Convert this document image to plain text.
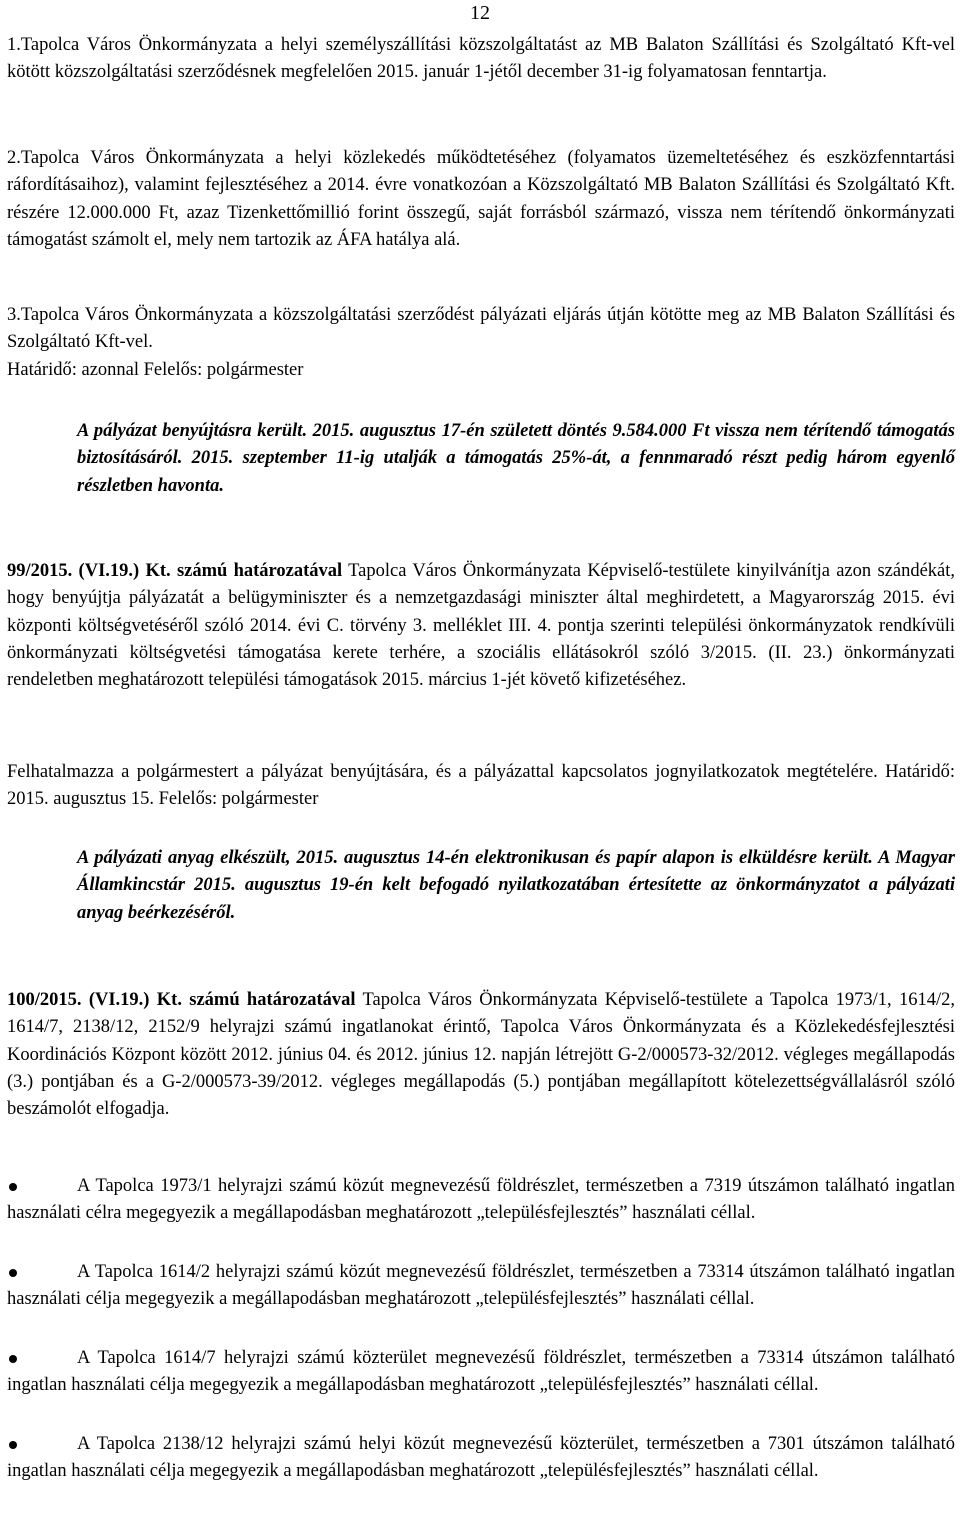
12

1.Tapolca Város Önkormányzata a helyi személyszállítási közszolgáltatást az MB Balaton Szállítási és Szolgáltató Kft-vel kötött közszolgáltatási szerződésnek megfelelően 2015. január 1-jétől december 31-ig folyamatosan fenntartja.

2.Tapolca Város Önkormányzata a helyi közlekedés működtetéséhez (folyamatos üzemeltetéséhez és eszközfenntartási ráfordításaihoz), valamint fejlesztéséhez a 2014. évre vonatkozóan a Közszolgáltató MB Balaton Szállítási és Szolgáltató Kft. részére 12.000.000 Ft, azaz Tizenkettőmillió forint összegű, saját forrásból származó, vissza nem térítendő önkormányzati támogatást számolt el, mely nem tartozik az ÁFA hatálya alá.

3.Tapolca Város Önkormányzata a közszolgáltatási szerződést pályázati eljárás útján kötötte meg az MB Balaton Szállítási és Szolgáltató Kft-vel.

Határidő: azonnal Felelős: polgármester

A pályázat benyújtásra került. 2015. augusztus 17-én született döntés 9.584.000 Ft vissza nem térítendő támogatás biztosításáról. 2015. szeptember 11-ig utalják a támogatás 25%-át, a fennmaradó részt pedig három egyenlő részletben havonta.

99/2015. (VI.19.) Kt. számú határozatával Tapolca Város Önkormányzata Képviselő-testülete kinyilvánítja azon szándékát, hogy benyújtja pályázatát a belügyminiszter és a nemzetgazdasági miniszter által meghirdetett, a Magyarország 2015. évi központi költségvetéséről szóló 2014. évi C. törvény 3. melléklet III. 4. pontja szerinti települési önkormányzatok rendkívüli önkormányzati költségvetési támogatása kerete terhére, a szociális ellátásokról szóló 3/2015. (II. 23.) önkormányzati rendeletben meghatározott települési támogatások 2015. március 1-jét követő kifizetéséhez.

Felhatalmazza a polgármestert a pályázat benyújtására, és a pályázattal kapcsolatos jognyilatkozatok megtételére. Határidő: 2015. augusztus 15. Felelős: polgármester

A pályázati anyag elkészült, 2015. augusztus 14-én elektronikusan és papír alapon is elküldésre került. A Magyar Államkincstár 2015. augusztus 19-én kelt befogadó nyilatkozatában értesítette az önkormányzatot a pályázati anyag beérkezéséről.

100/2015. (VI.19.) Kt. számú határozatával Tapolca Város Önkormányzata Képviselő-testülete a Tapolca 1973/1, 1614/2, 1614/7, 2138/12, 2152/9 helyrajzi számú ingatlanokat érintő, Tapolca Város Önkormányzata és a Közlekedésfejlesztési Koordinációs Központ között 2012. június 04. és 2012. június 12. napján létrejött G-2/000573-32/2012. végleges megállapodás (3.) pontjában és a G-2/000573-39/2012. végleges megállapodás (5.) pontjában megállapított kötelezettségvállalásról szóló beszámolót elfogadja.

A Tapolca 1973/1 helyrajzi számú közút megnevezésű földrészlet, természetben a 7319 útszámon található ingatlan használati célra megegyezik a megállapodásban meghatározott „településfejlesztés” használati céllal.
A Tapolca 1614/2 helyrajzi számú közút megnevezésű földrészlet, természetben a 73314 útszámon található ingatlan használati célja megegyezik a megállapodásban meghatározott „településfejlesztés” használati céllal.
A Tapolca 1614/7 helyrajzi számú közterület megnevezésű földrészlet, természetben a 73314 útszámon található ingatlan használati célja megegyezik a megállapodásban meghatározott „településfejlesztés” használati céllal.
A Tapolca 2138/12 helyrajzi számú helyi közút megnevezésű közterület, természetben a 7301 útszámon található ingatlan használati célja megegyezik a megállapodásban meghatározott „településfejlesztés” használati céllal.
